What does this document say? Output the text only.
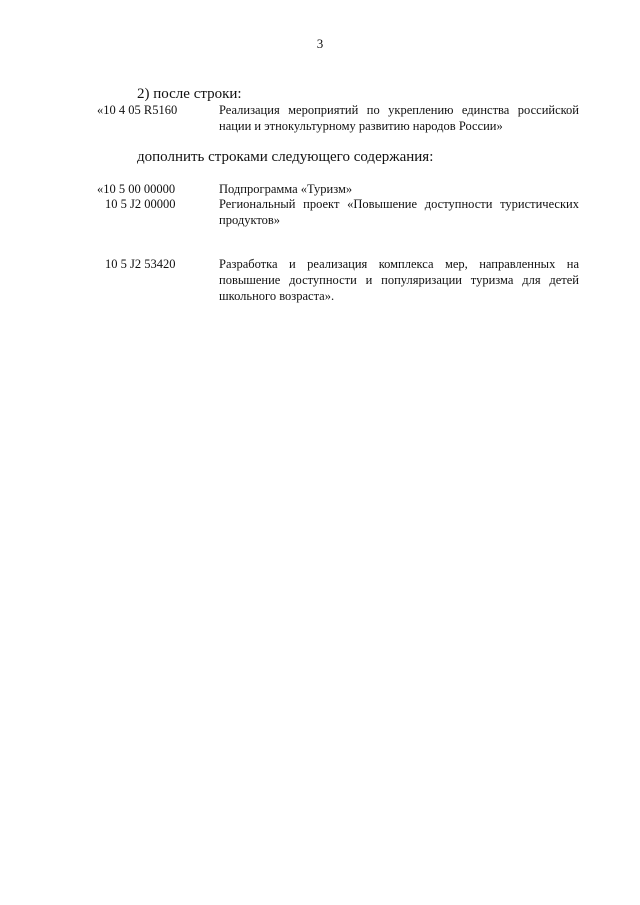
3
2) после строки:
«10 4 05 R5160	Реализация мероприятий по укреплению единства российской нации и этнокультурному развитию народов России»
дополнить строками следующего содержания:
«10 5 00 00000	Подпрограмма «Туризм»
10 5 J2 00000	Региональный проект «Повышение доступности туристических продуктов»
10 5 J2 53420	Разработка и реализация комплекса мер, направленных на повышение доступности и популяризации туризма для детей школьного возраста».
